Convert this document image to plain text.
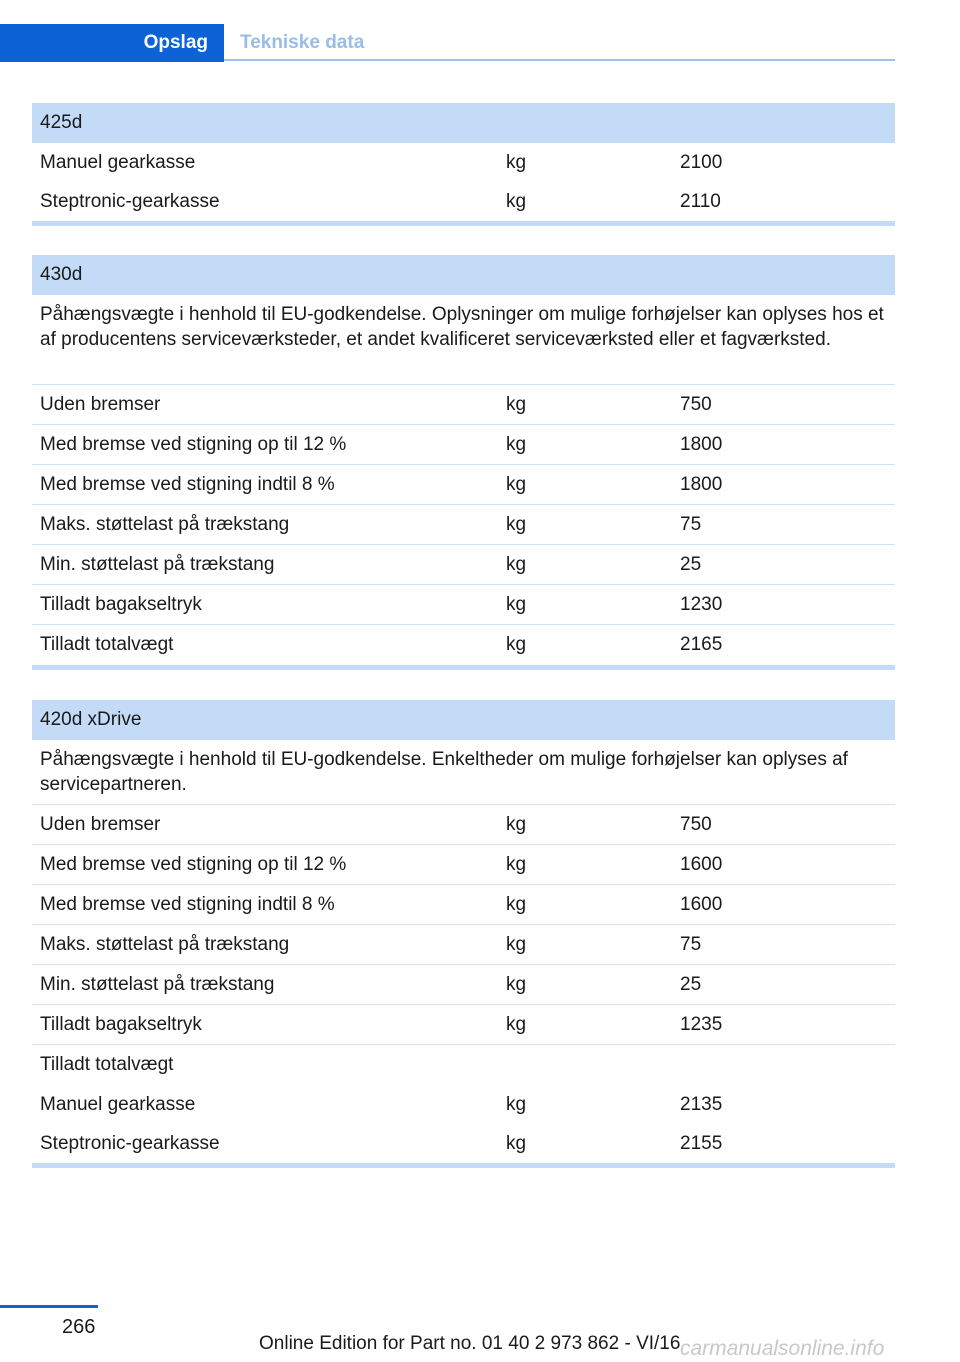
Opslag	Tekniske data
425d
Manuel gearkasse	kg	2100
Steptronic-gearkasse	kg	2110
430d
Påhængsvægte i henhold til EU-godkendelse. Oplysninger om mulige forhøjelser kan oplyses hos et af producentens serviceværksteder, et andet kvalificeret serviceværksted eller et fagværksted.
Uden bremser	kg	750
Med bremse ved stigning op til 12 %	kg	1800
Med bremse ved stigning indtil 8 %	kg	1800
Maks. støttelast på trækstang	kg	75
Min. støttelast på trækstang	kg	25
Tilladt bagakseltryk	kg	1230
Tilladt totalvægt	kg	2165
420d xDrive
Påhængsvægte i henhold til EU-godkendelse. Enkeltheder om mulige forhøjelser kan oplyses af servicepartneren.
Uden bremser	kg	750
Med bremse ved stigning op til 12 %	kg	1600
Med bremse ved stigning indtil 8 %	kg	1600
Maks. støttelast på trækstang	kg	75
Min. støttelast på trækstang	kg	25
Tilladt bagakseltryk	kg	1235
Tilladt totalvægt
Manuel gearkasse	kg	2135
Steptronic-gearkasse	kg	2155
266
Online Edition for Part no. 01 40 2 973 862 - VI/16 carmanualsonline.info
